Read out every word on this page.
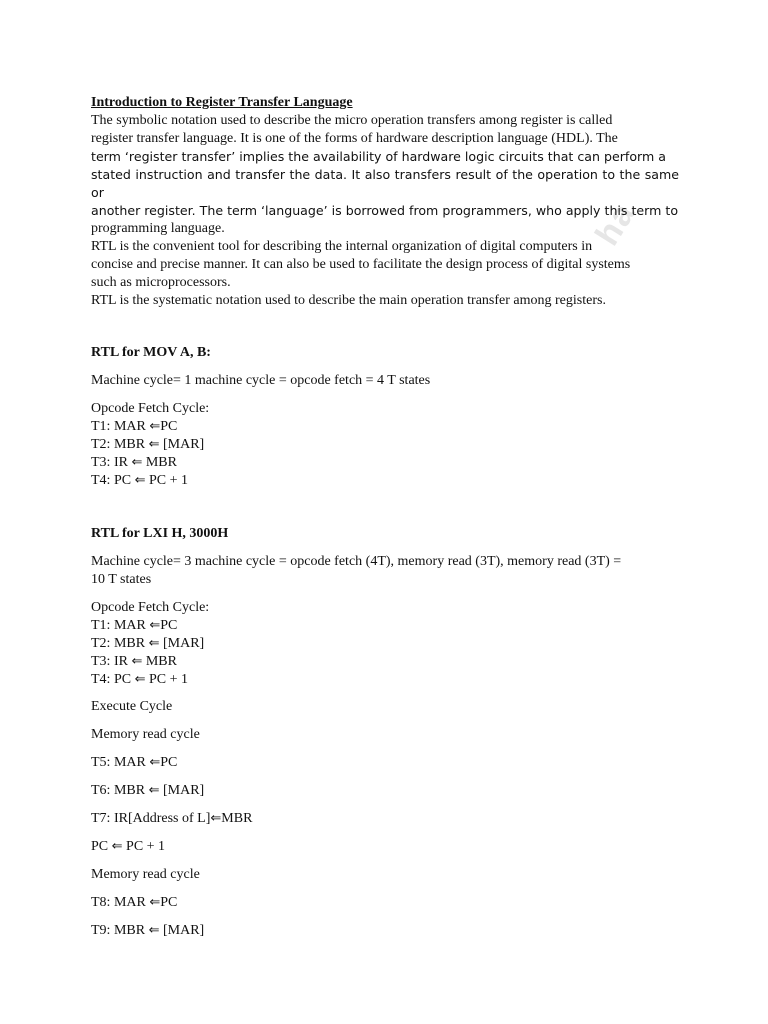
ha

Introduction to Register Transfer Language

The symbolic notation used to describe the micro operation transfers among register is called

register transfer language. It is one of the forms of hardware description language (HDL). The

term ‘register transfer’ implies the availability of hardware logic circuits that can perform a

stated instruction and transfer the data. It also transfers result of the operation to the same or

another register. The term ‘language’ is borrowed from programmers, who apply this term to

programming language.

RTL is the convenient tool for describing the internal organization of digital computers in

concise and precise manner. It can also be used to facilitate the design process of digital systems

such as microprocessors.

RTL is the systematic notation used to describe the main operation transfer among registers.

RTL for MOV A, B:

Machine cycle= 1 machine cycle = opcode fetch = 4 T states

Opcode Fetch Cycle:

T1: MAR ⇐PC

T2: MBR ⇐ [MAR]

T3: IR ⇐ MBR

T4: PC ⇐ PC + 1

RTL for LXI H, 3000H

Machine cycle= 3 machine cycle = opcode fetch (4T), memory read (3T), memory read (3T) =

10 T states

Opcode Fetch Cycle:

T1: MAR ⇐PC

T2: MBR ⇐ [MAR]

T3: IR ⇐ MBR

T4: PC ⇐ PC + 1

Execute Cycle

Memory read cycle

T5: MAR ⇐PC

T6: MBR ⇐ [MAR]

T7: IR[Address of L]⇐MBR

PC ⇐ PC + 1

Memory read cycle

T8: MAR ⇐PC

T9: MBR ⇐ [MAR]
